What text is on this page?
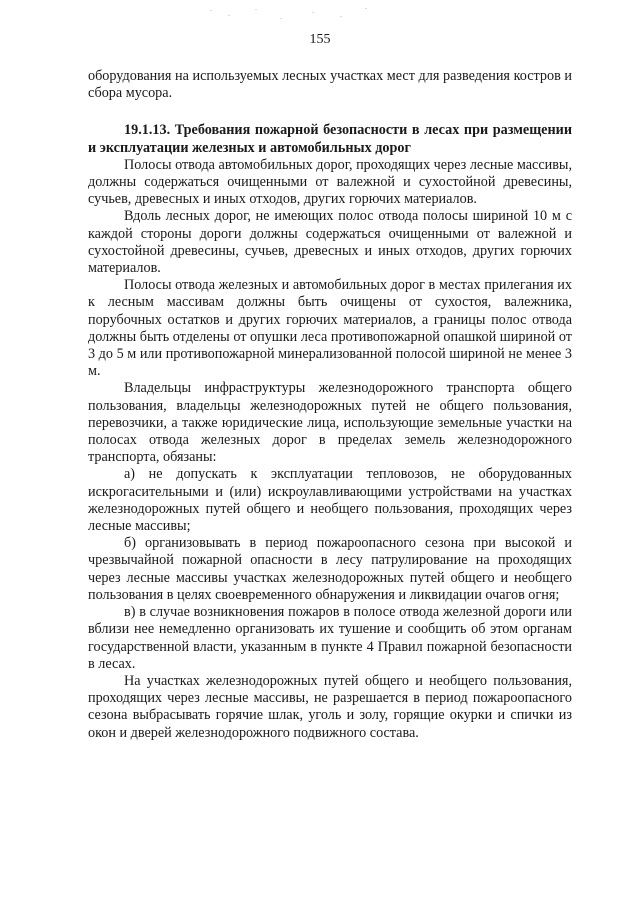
155

оборудования на используемых лесных участках мест для разведения костров и сбора мусора.

19.1.13. Требования пожарной безопасности в лесах при размещении и эксплуатации железных и автомобильных дорог

Полосы отвода автомобильных дорог, проходящих через лесные массивы, должны содержаться очищенными от валежной и сухостойной древесины, сучьев, древесных и иных отходов, других горючих материалов.

Вдоль лесных дорог, не имеющих полос отвода полосы шириной 10 м с каждой стороны дороги должны содержаться очищенными от валежной и сухостойной древесины, сучьев, древесных и иных отходов, других горючих материалов.

Полосы отвода железных и автомобильных дорог в местах прилегания их к лесным массивам должны быть очищены от сухостоя, валежника, порубочных остатков и других горючих материалов, а границы полос отвода должны быть отделены от опушки леса противопожарной опашкой шириной от 3 до 5 м или противопожарной минерализованной полосой шириной не менее 3 м.

Владельцы инфраструктуры железнодорожного транспорта общего пользования, владельцы железнодорожных путей не общего пользования, перевозчики, а также юридические лица, использующие земельные участки на полосах отвода железных дорог в пределах земель железнодорожного транспорта, обязаны:

а) не допускать к эксплуатации тепловозов, не оборудованных искрогасительными и (или) искроулавливающими устройствами на участках железнодорожных путей общего и необщего пользования, проходящих через лесные массивы;

б) организовывать в период пожароопасного сезона при высокой и чрезвычайной пожарной опасности в лесу патрулирование на проходящих через лесные массивы участках железнодорожных путей общего и необщего пользования в целях своевременного обнаружения и ликвидации очагов огня;

в) в случае возникновения пожаров в полосе отвода железной дороги или вблизи нее немедленно организовать их тушение и сообщить об этом органам государственной власти, указанным в пункте 4 Правил пожарной безопасности в лесах.

На участках железнодорожных путей общего и необщего пользования, проходящих через лесные массивы, не разрешается в период пожароопасного сезона выбрасывать горячие шлак, уголь и золу, горящие окурки и спички из окон и дверей железнодорожного подвижного состава.
